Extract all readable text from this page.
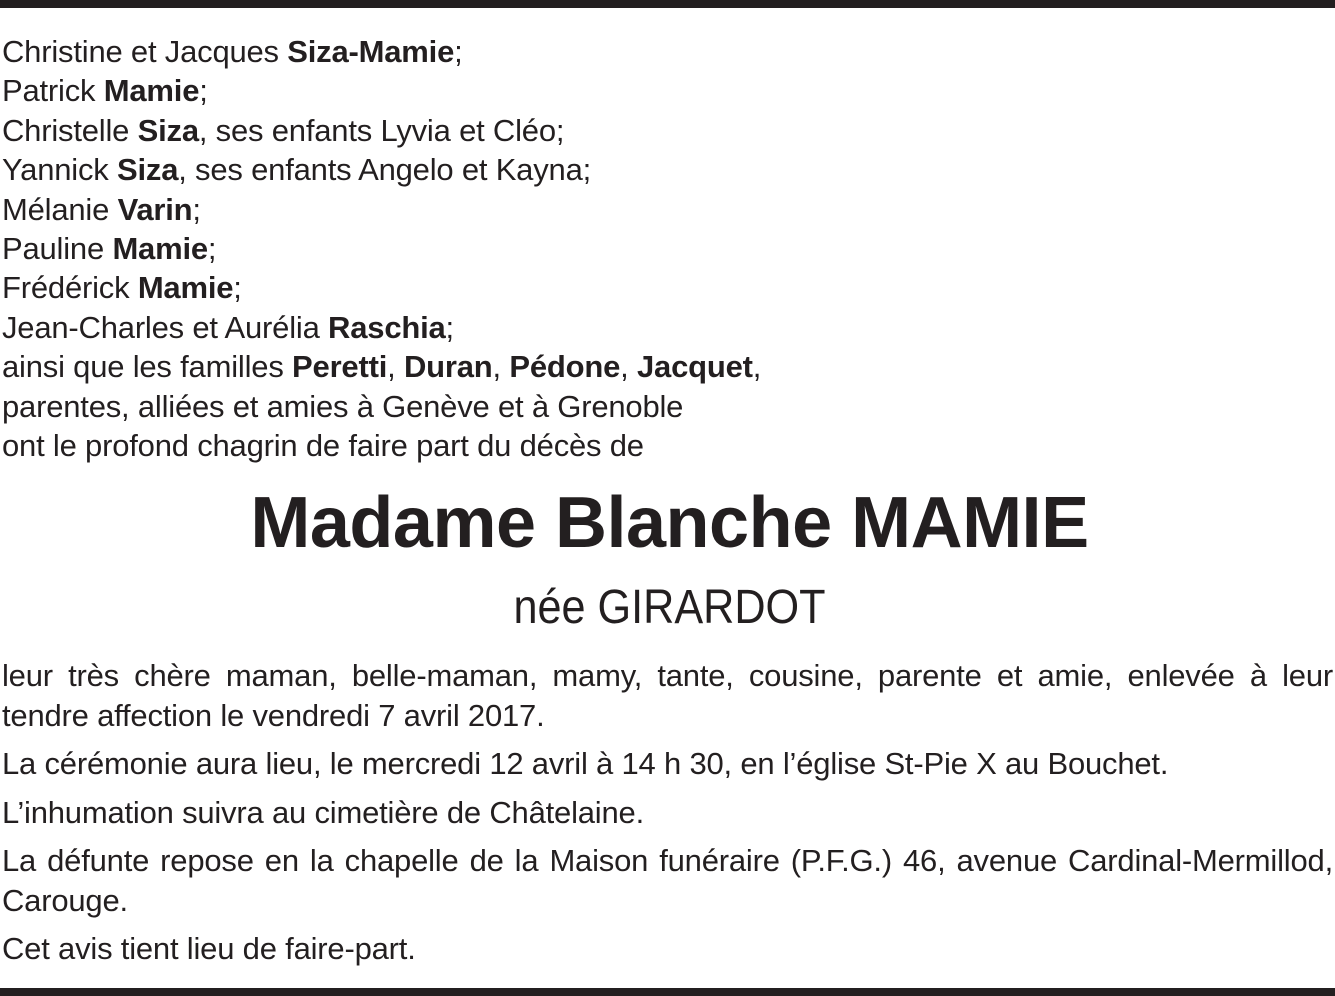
Christine et Jacques Siza-Mamie;
Patrick Mamie;
Christelle Siza, ses enfants Lyvia et Cléo;
Yannick Siza, ses enfants Angelo et Kayna;
Mélanie Varin;
Pauline Mamie;
Frédérick Mamie;
Jean-Charles et Aurélia Raschia;
ainsi que les familles Peretti, Duran, Pédone, Jacquet,
parentes, alliées et amies à Genève et à Grenoble
ont le profond chagrin de faire part du décès de
Madame Blanche MAMIE
née GIRARDOT

leur très chère maman, belle-maman, mamy, tante, cousine, parente et amie, enlevée à leur tendre affection le vendredi 7 avril 2017.

La cérémonie aura lieu, le mercredi 12 avril à 14 h 30, en l’église St-Pie X au Bouchet.

L’inhumation suivra au cimetière de Châtelaine.

La défunte repose en la chapelle de la Maison funéraire (P.F.G.) 46, avenue Cardinal-Mermillod, Carouge.

Cet avis tient lieu de faire-part.
